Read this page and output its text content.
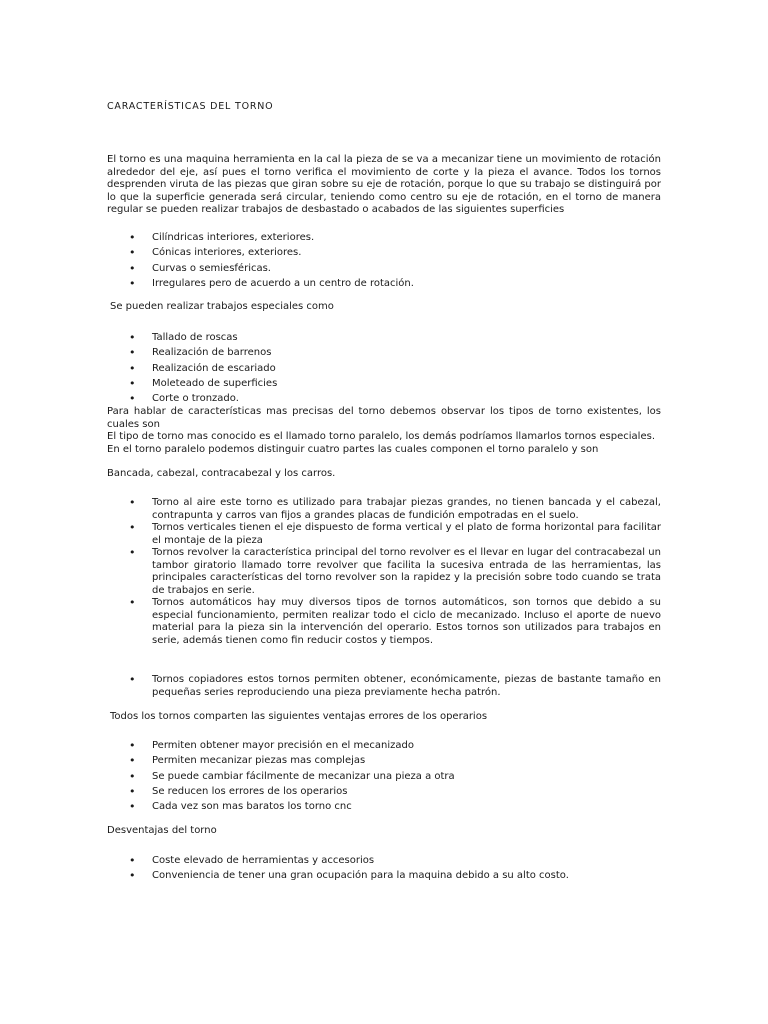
CARACTERÍSTICAS DEL TORNO

El torno es una maquina herramienta en la cal la pieza de se va a mecanizar tiene un movimiento de rotación alrededor del eje, así pues el torno verifica el movimiento de corte y la pieza el avance. Todos los tornos desprenden viruta de las piezas que giran sobre su eje de rotación, porque lo que su trabajo se distinguirá por lo que la superficie generada será circular, teniendo como centro su eje de rotación, en el torno de manera regular se pueden realizar trabajos de desbastado o acabados de las siguientes superficies

• Cilíndricas interiores, exteriores.
• Cónicas interiores, exteriores.
• Curvas o semiesféricas.
• Irregulares pero de acuerdo a un centro de rotación.

Se pueden realizar trabajos especiales como

• Tallado de roscas
• Realización de barrenos
• Realización de escariado
• Moleteado de superficies
• Corte o tronzado.

Para hablar de características mas precisas del torno debemos observar los tipos de torno existentes, los cuales son

El tipo de torno mas conocido es el llamado torno paralelo, los demás podríamos llamarlos tornos especiales.

En el torno paralelo podemos distinguir cuatro partes las cuales componen el torno paralelo y son

Bancada, cabezal, contracabezal y los carros.

• Torno al aire este torno es utilizado para trabajar piezas grandes, no tienen bancada y el cabezal, contrapunta y carros van fijos a grandes placas de fundición empotradas en el suelo.
• Tornos verticales tienen el eje dispuesto de forma vertical y el plato de forma horizontal para facilitar el montaje de la pieza
• Tornos revolver la característica principal del torno revolver es el llevar en lugar del contracabezal un tambor giratorio llamado torre revolver que facilita la sucesiva entrada de las herramientas, las principales características del torno revolver son la rapidez y la precisión sobre todo cuando se trata de trabajos en serie.
• Tornos automáticos hay muy diversos tipos de tornos automáticos, son tornos que debido a su especial funcionamiento, permiten realizar todo el ciclo de mecanizado. Incluso el aporte de nuevo material para la pieza sin la intervención del operario. Estos tornos son utilizados para trabajos en serie, además tienen como fin reducir costos y tiempos.
• Tornos copiadores estos tornos permiten obtener, económicamente, piezas de bastante tamaño en pequeñas series reproduciendo una pieza previamente hecha patrón.

Todos los tornos comparten las siguientes ventajas errores de los operarios

• Permiten obtener mayor precisión en el mecanizado
• Permiten mecanizar piezas mas complejas
• Se puede cambiar fácilmente de mecanizar una pieza a otra
• Se reducen los errores de los operarios
• Cada vez son mas baratos los torno cnc

Desventajas del torno

• Coste elevado de herramientas y accesorios
• Conveniencia de tener una gran ocupación para la maquina debido a su alto costo.
